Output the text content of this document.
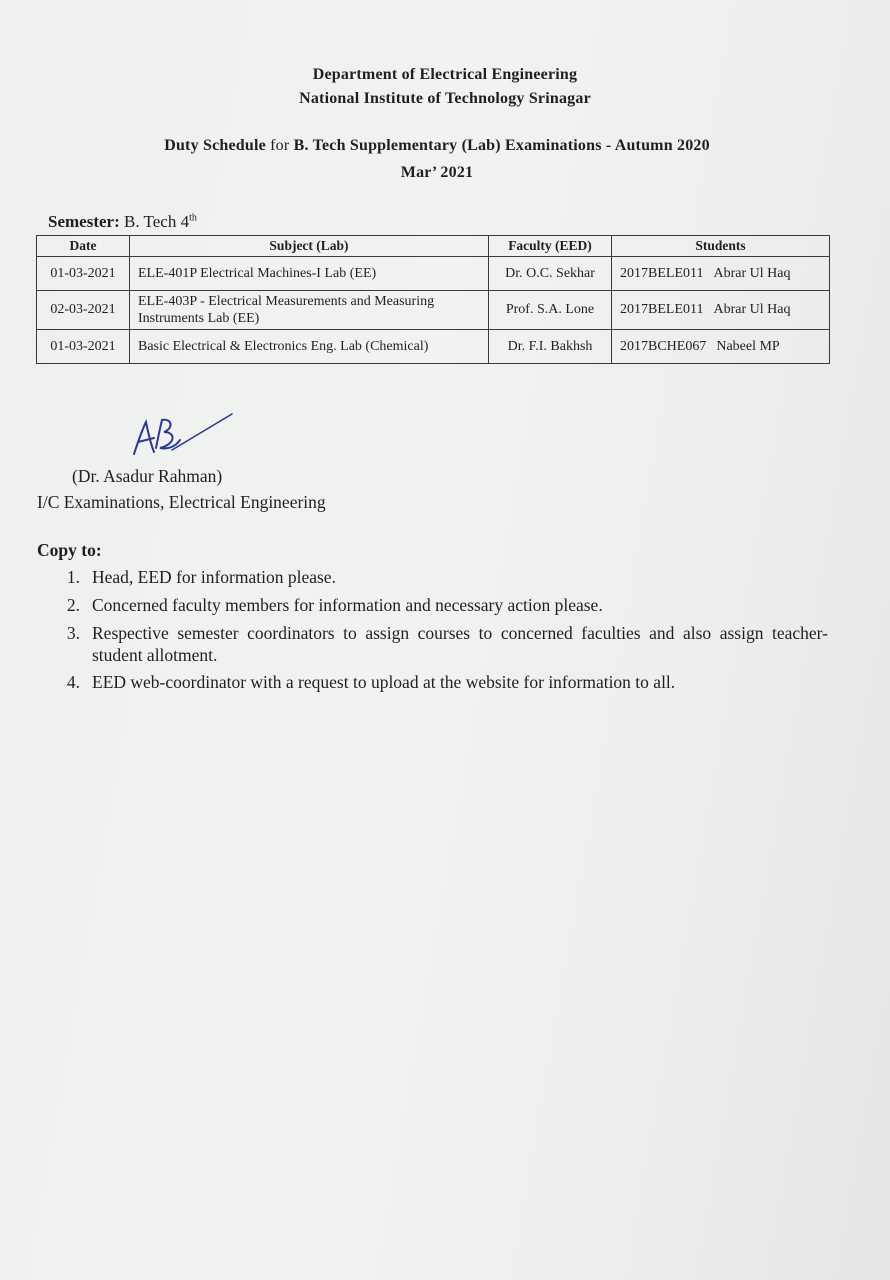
Department of Electrical Engineering
National Institute of Technology Srinagar
Duty Schedule for B. Tech Supplementary (Lab) Examinations - Autumn 2020
Mar’ 2021
Semester: B. Tech 4th
Date	Subject (Lab)	Faculty (EED)	Students
01-03-2021	ELE-401P Electrical Machines-I Lab (EE)	Dr. O.C. Sekhar	2017BELE011 Abrar Ul Haq
02-03-2021	ELE-403P - Electrical Measurements and Measuring Instruments Lab (EE)	Prof. S.A. Lone	2017BELE011 Abrar Ul Haq
01-03-2021	Basic Electrical & Electronics Eng. Lab (Chemical)	Dr. F.I. Bakhsh	2017BCHE067 Nabeel MP
(Dr. Asadur Rahman)
I/C Examinations, Electrical Engineering
Copy to:
1. Head, EED for information please.
2. Concerned faculty members for information and necessary action please.
3. Respective semester coordinators to assign courses to concerned faculties and also assign teacher-student allotment.
4. EED web-coordinator with a request to upload at the website for information to all.
